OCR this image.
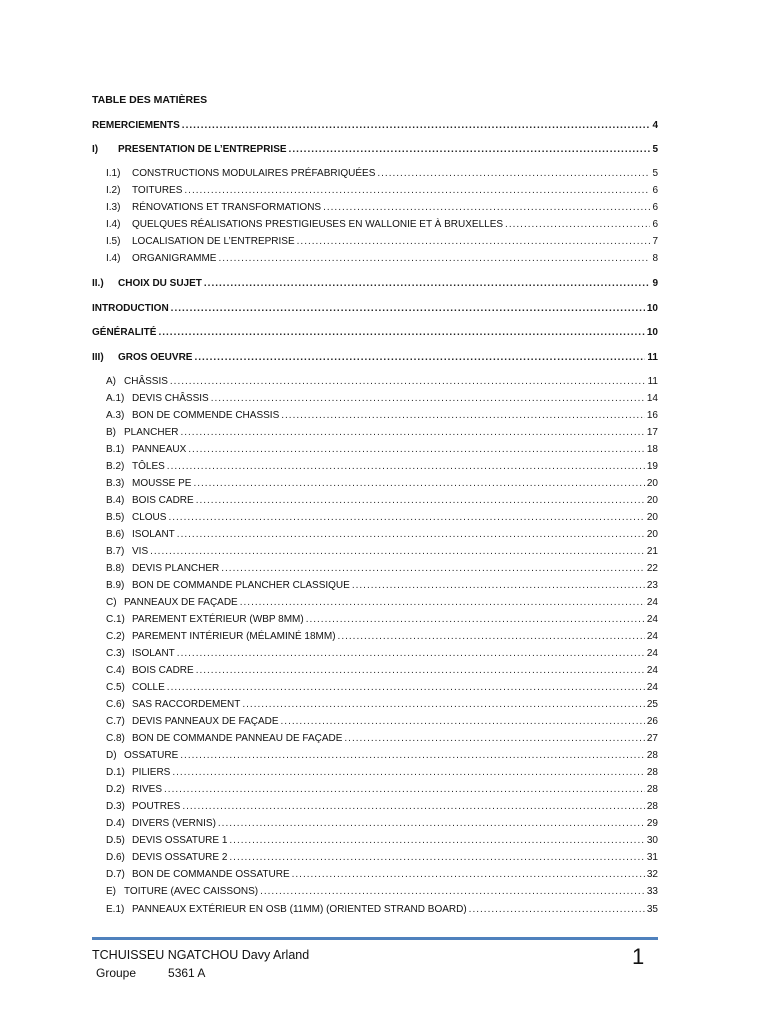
TABLE DES MATIÈRES
REMERCIEMENTS .....	4
I) PRESENTATION DE L’ENTREPRISE .....	5
I.1) CONSTRUCTIONS MODULAIRES PRÉFABRIQUÉES .....	5
I.2) TOITURES .....	6
I.3) RÉNOVATIONS ET TRANSFORMATIONS .....	6
I.4) QUELQUES RÉALISATIONS PRESTIGIEUSES EN WALLONIE ET À BRUXELLES .....	6
I.5) LOCALISATION DE L’ENTREPRISE .....	7
I.4) ORGANIGRAMME .....	8
II.) CHOIX DU SUJET .....	9
INTRODUCTION .....	10
GÉNÉRALITÉ .....	10
III) GROS OEUVRE .....	11
A) CHÂSSIS .....	11
A.1) DEVIS CHÂSSIS .....	14
A.3) BON DE COMMENDE CHASSIS .....	16
B) PLANCHER .....	17
B.1) PANNEAUX .....	18
B.2) TÔLES .....	19
B.3) MOUSSE PE .....	20
B.4) BOIS CADRE .....	20
B.5) CLOUS .....	20
B.6) ISOLANT .....	20
B.7) VIS .....	21
B.8) DEVIS PLANCHER .....	22
B.9) BON DE COMMANDE PLANCHER CLASSIQUE .....	23
C) PANNEAUX DE FAÇADE .....	24
C.1) PAREMENT EXTÉRIEUR (WBP 8MM) .....	24
C.2) PAREMENT INTÉRIEUR (MÉLAMINÉ 18MM) .....	24
C.3) ISOLANT .....	24
C.4) BOIS CADRE .....	24
C.5) COLLE .....	24
C.6) SAS RACCORDEMENT .....	25
C.7) DEVIS PANNEAUX DE FAÇADE .....	26
C.8) BON DE COMMANDE PANNEAU DE FAÇADE .....	27
D) OSSATURE .....	28
D.1) PILIERS .....	28
D.2) RIVES .....	28
D.3) POUTRES .....	28
D.4) DIVERS (VERNIS) .....	29
D.5) DEVIS OSSATURE 1 .....	30
D.6) DEVIS OSSATURE 2 .....	31
D.7) BON DE COMMANDE OSSATURE .....	32
E) TOITURE (AVEC CAISSONS) .....	33
E.1) PANNEAUX EXTÉRIEUR EN OSB (11MM) (ORIENTED STRAND BOARD) .....	35
TCHUISSEU NGATCHOU Davy Arland
Groupe	5361 A
1
